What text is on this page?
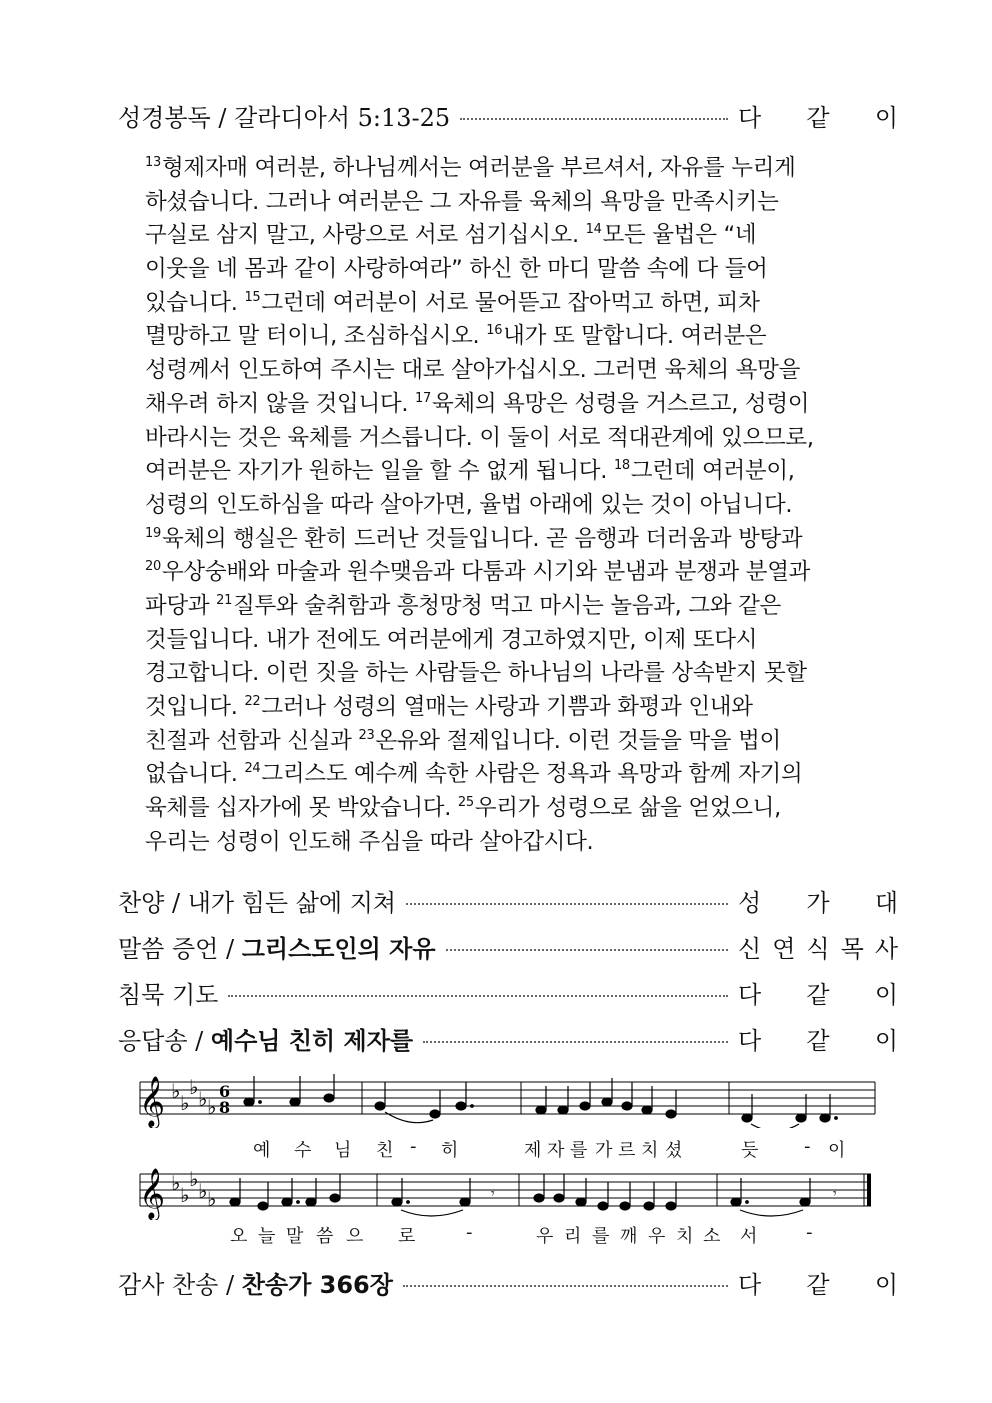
성경봉독 / 갈라디아서 5:13-25	다 같 이
$^{13}$형제자매 여러분, 하나님께서는 여러분을 부르셔서, 자유를 누리게
하셨습니다. 그러나 여러분은 그 자유를 육체의 욕망을 만족시키는
구실로 삼지 말고, 사랑으로 서로 섬기십시오. $^{14}$모든 율법은 “네
이웃을 네 몸과 같이 사랑하여라” 하신 한 마디 말씀 속에 다 들어
있습니다. $^{15}$그런데 여러분이 서로 물어뜯고 잡아먹고 하면, 피차
멸망하고 말 터이니, 조심하십시오. $^{16}$내가 또 말합니다. 여러분은
성령께서 인도하여 주시는 대로 살아가십시오. 그러면 육체의 욕망을
채우려 하지 않을 것입니다. $^{17}$육체의 욕망은 성령을 거스르고, 성령이
바라시는 것은 육체를 거스릅니다. 이 둘이 서로 적대관계에 있으므로,
여러분은 자기가 원하는 일을 할 수 없게 됩니다. $^{18}$그런데 여러분이,
성령의 인도하심을 따라 살아가면, 율법 아래에 있는 것이 아닙니다.
$^{19}$육체의 행실은 환히 드러난 것들입니다. 곧 음행과 더러움과 방탕과
$^{20}$우상숭배와 마술과 원수맺음과 다툼과 시기와 분냄과 분쟁과 분열과
파당과 $^{21}$질투와 술취함과 흥청망청 먹고 마시는 놀음과, 그와 같은
것들입니다. 내가 전에도 여러분에게 경고하였지만, 이제 또다시
경고합니다. 이런 짓을 하는 사람들은 하나님의 나라를 상속받지 못할
것입니다. $^{22}$그러나 성령의 열매는 사랑과 기쁨과 화평과 인내와
친절과 선함과 신실과 $^{23}$온유와 절제입니다. 이런 것들을 막을 법이
없습니다. $^{24}$그리스도 예수께 속한 사람은 정욕과 욕망과 함께 자기의
육체를 십자가에 못 박았습니다. $^{25}$우리가 성령으로 삶을 얻었으니,
우리는 성령이 인도해 주심을 따라 살아갑시다.
찬양 / 내가 힘든 삶에 지쳐	성 가 대
말씀 증언 / 그리스도인의 자유	신 연 식 목 사
침묵 기도	다 같 이
응답송 / 예수님 친히 제자를	다 같 이
𝄞 ♭ ♭
♭ ♭ ♭
6
8
예 수 님 친 - 히	제 자 를 가 르 치 셨	듯	- 이
𝄞 ♭ ♭
♭ ♭ ♭	𝄾	𝄾
오 늘 말 씀 으 로	-	우 리 를 깨 우 치 소 서	-
감사 찬송 / 찬송가 366장	다 같 이
